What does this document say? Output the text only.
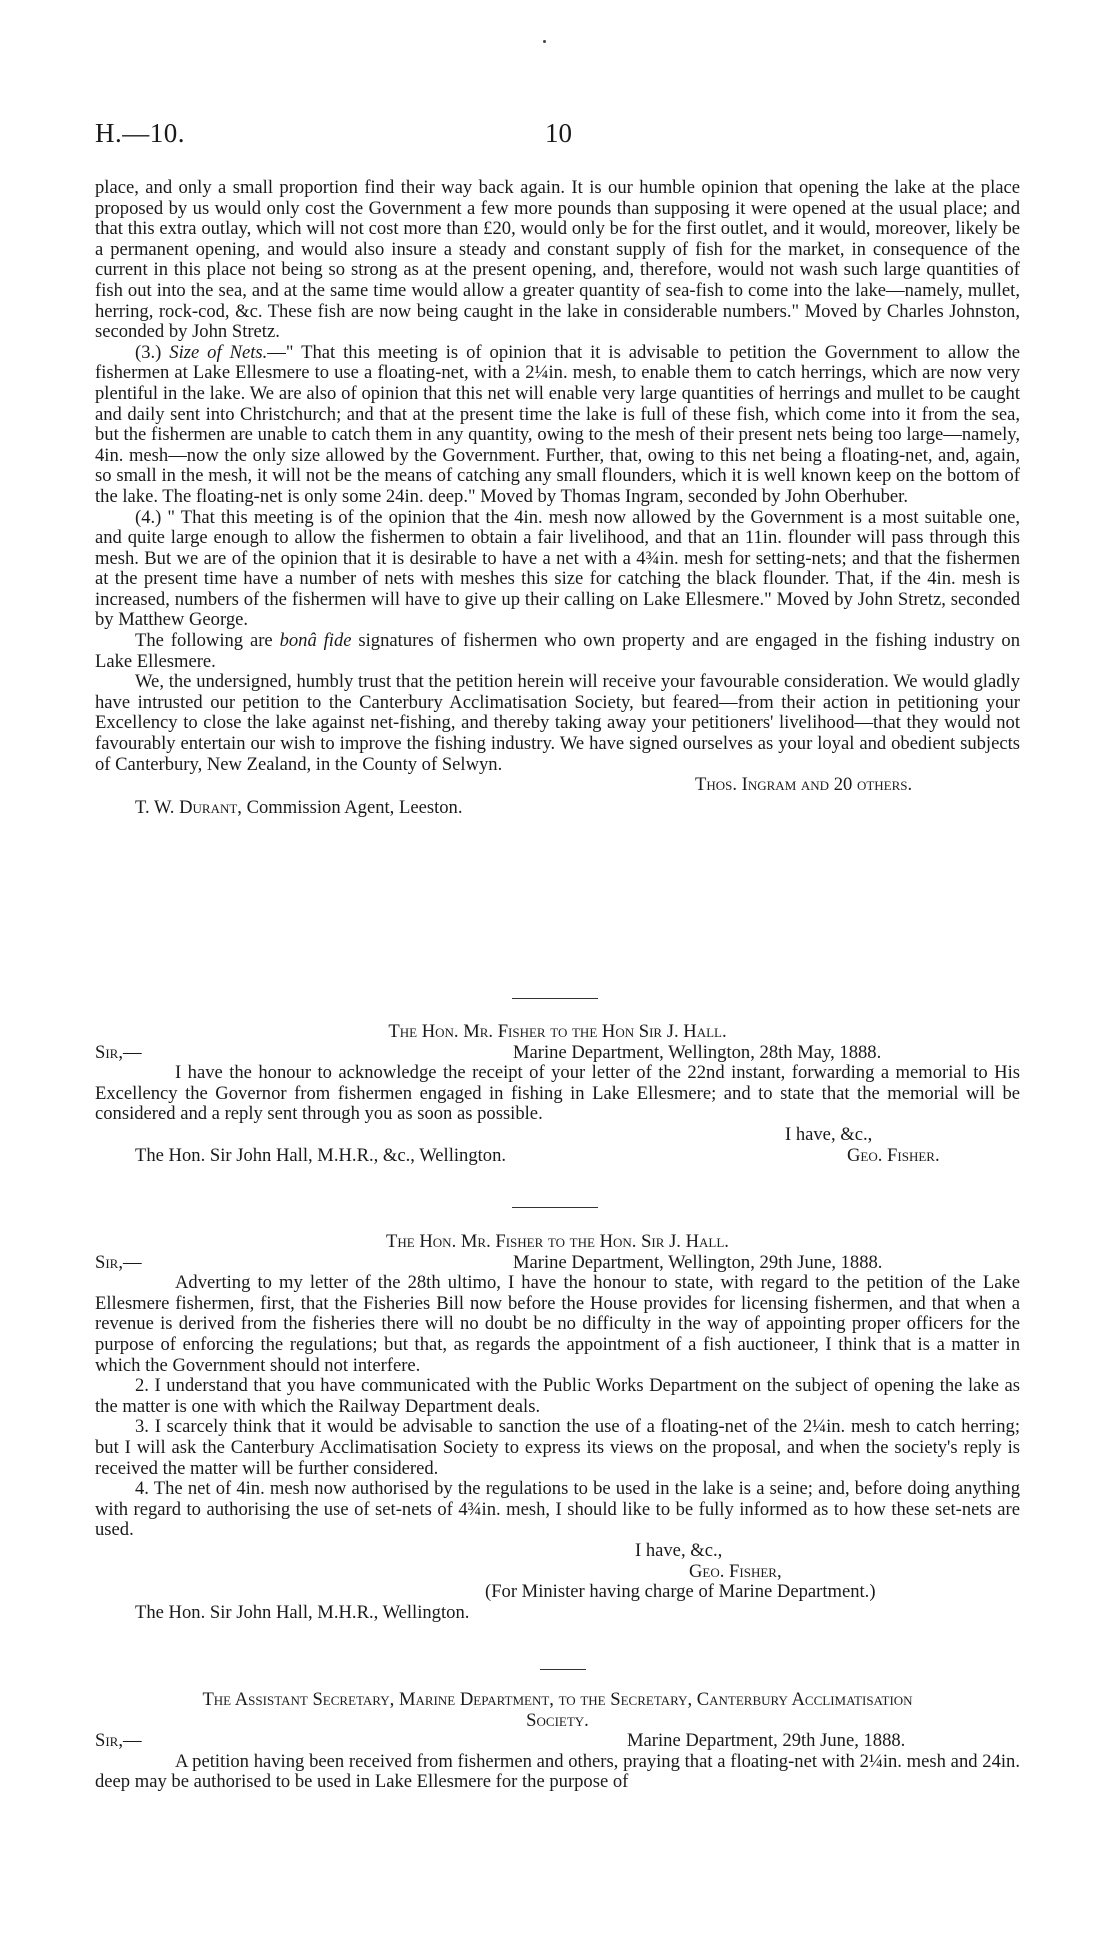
H.—10.	10

place, and only a small proportion find their way back again. It is our humble opinion that opening the lake at the place proposed by us would only cost the Government a few more pounds than supposing it were opened at the usual place; and that this extra outlay, which will not cost more than £20, would only be for the first outlet, and it would, moreover, likely be a permanent opening, and would also insure a steady and constant supply of fish for the market, in consequence of the current in this place not being so strong as at the present opening, and, therefore, would not wash such large quantities of fish out into the sea, and at the same time would allow a greater quantity of sea-fish to come into the lake—namely, mullet, herring, rock-cod, &c. These fish are now being caught in the lake in considerable numbers." Moved by Charles Johnston, seconded by John Stretz.

(3.) Size of Nets.—" That this meeting is of opinion that it is advisable to petition the Government to allow the fishermen at Lake Ellesmere to use a floating-net, with a 2¼in. mesh, to enable them to catch herrings, which are now very plentiful in the lake. We are also of opinion that this net will enable very large quantities of herrings and mullet to be caught and daily sent into Christchurch; and that at the present time the lake is full of these fish, which come into it from the sea, but the fishermen are unable to catch them in any quantity, owing to the mesh of their present nets being too large—namely, 4in. mesh—now the only size allowed by the Government. Further, that, owing to this net being a floating-net, and, again, so small in the mesh, it will not be the means of catching any small flounders, which it is well known keep on the bottom of the lake. The floating-net is only some 24in. deep." Moved by Thomas Ingram, seconded by John Oberhuber.

(4.) " That this meeting is of the opinion that the 4in. mesh now allowed by the Government is a most suitable one, and quite large enough to allow the fishermen to obtain a fair livelihood, and that an 11in. flounder will pass through this mesh. But we are of the opinion that it is desirable to have a net with a 4¾in. mesh for setting-nets; and that the fishermen at the present time have a number of nets with meshes this size for catching the black flounder. That, if the 4in. mesh is increased, numbers of the fishermen will have to give up their calling on Lake Ellesmere." Moved by John Stretz, seconded by Matthew George.

The following are bonâ fide signatures of fishermen who own property and are engaged in the fishing industry on Lake Ellesmere.

We, the undersigned, humbly trust that the petition herein will receive your favourable consideration. We would gladly have intrusted our petition to the Canterbury Acclimatisation Society, but feared—from their action in petitioning your Excellency to close the lake against net-fishing, and thereby taking away your petitioners' livelihood—that they would not favourably entertain our wish to improve the fishing industry. We have signed ourselves as your loyal and obedient subjects of Canterbury, New Zealand, in the County of Selwyn.

Thos. Ingram and 20 others.

T. W. Durant, Commission Agent, Leeston.

The Hon. Mr. Fisher to the Hon Sir J. Hall.

Sir,—	Marine Department, Wellington, 28th May, 1888.

I have the honour to acknowledge the receipt of your letter of the 22nd instant, forwarding a memorial to His Excellency the Governor from fishermen engaged in fishing in Lake Ellesmere; and to state that the memorial will be considered and a reply sent through you as soon as possible.

I have, &c.,

The Hon. Sir John Hall, M.H.R., &c., Wellington.	Geo. Fisher.

The Hon. Mr. Fisher to the Hon. Sir J. Hall.

Sir,—	Marine Department, Wellington, 29th June, 1888.

Adverting to my letter of the 28th ultimo, I have the honour to state, with regard to the petition of the Lake Ellesmere fishermen, first, that the Fisheries Bill now before the House provides for licensing fishermen, and that when a revenue is derived from the fisheries there will no doubt be no difficulty in the way of appointing proper officers for the purpose of enforcing the regulations; but that, as regards the appointment of a fish auctioneer, I think that is a matter in which the Government should not interfere.

2. I understand that you have communicated with the Public Works Department on the subject of opening the lake as the matter is one with which the Railway Department deals.

3. I scarcely think that it would be advisable to sanction the use of a floating-net of the 2¼in. mesh to catch herring; but I will ask the Canterbury Acclimatisation Society to express its views on the proposal, and when the society's reply is received the matter will be further considered.

4. The net of 4in. mesh now authorised by the regulations to be used in the lake is a seine; and, before doing anything with regard to authorising the use of set-nets of 4¾in. mesh, I should like to be fully informed as to how these set-nets are used.

I have, &c.,

Geo. Fisher,

(For Minister having charge of Marine Department.)

The Hon. Sir John Hall, M.H.R., Wellington.

The Assistant Secretary, Marine Department, to the Secretary, Canterbury Acclimatisation
Society.

Sir,—	Marine Department, 29th June, 1888.

A petition having been received from fishermen and others, praying that a floating-net with 2¼in. mesh and 24in. deep may be authorised to be used in Lake Ellesmere for the purpose of
